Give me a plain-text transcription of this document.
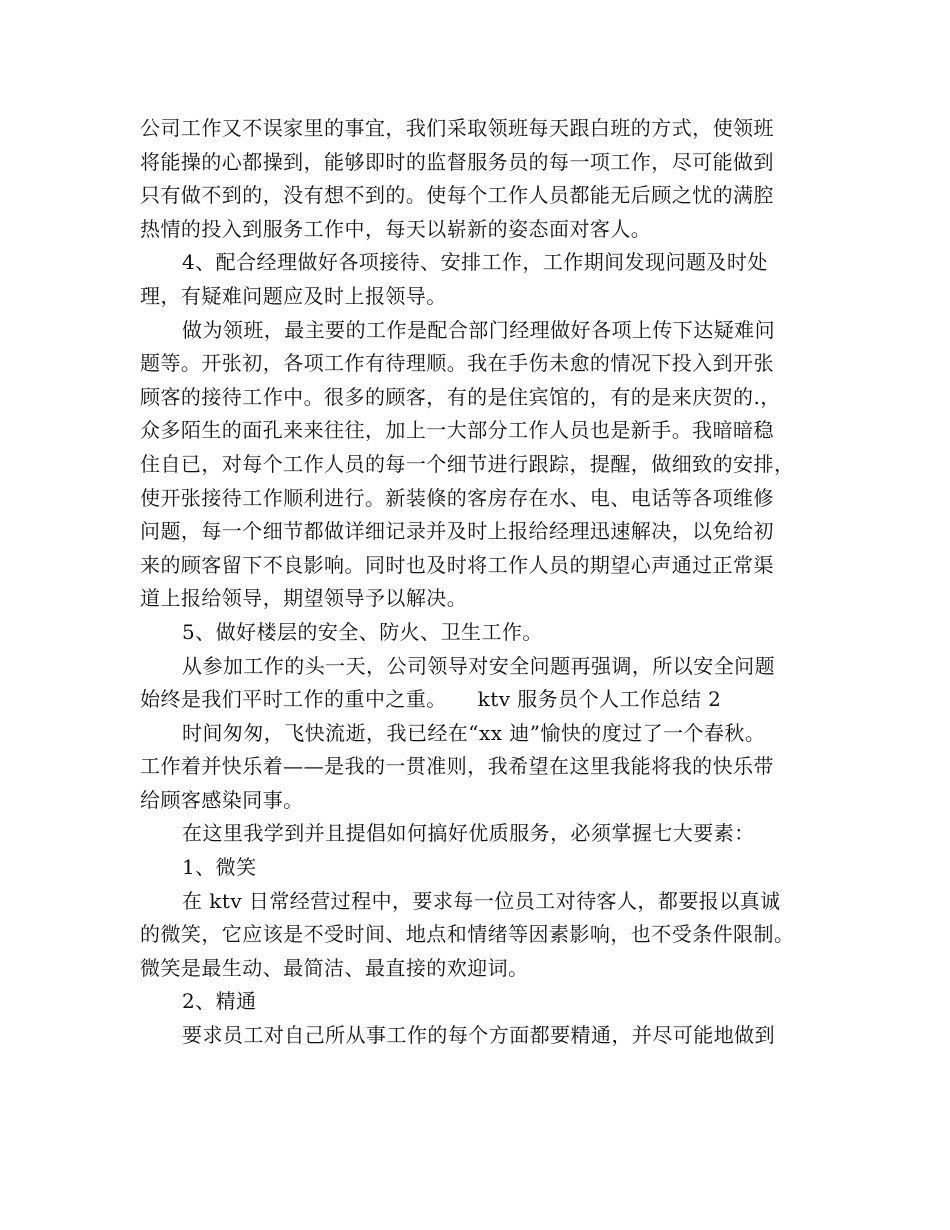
公司工作又不误家里的事宜，我们采取领班每天跟白班的方式，使领班
将能操的心都操到，能够即时的监督服务员的每一项工作，尽可能做到
只有做不到的，没有想不到的。使每个工作人员都能无后顾之忧的满腔
热情的投入到服务工作中，每天以崭新的姿态面对客人。
4、配合经理做好各项接待、安排工作，工作期间发现问题及时处
理，有疑难问题应及时上报领导。
做为领班，最主要的工作是配合部门经理做好各项上传下达疑难问
题等。开张初，各项工作有待理顺。我在手伤未愈的情况下投入到开张
顾客的接待工作中。很多的顾客，有的是住宾馆的，有的是来庆贺的.，
众多陌生的面孔来来往往，加上一大部分工作人员也是新手。我暗暗稳
住自已，对每个工作人员的每一个细节进行跟踪，提醒，做细致的安排，
使开张接待工作顺利进行。新装倏的客房存在水、电、电话等各项维修
问题，每一个细节都做详细记录并及时上报给经理迅速解决，以免给初
来的顾客留下不良影响。同时也及时将工作人员的期望心声通过正常渠
道上报给领导，期望领导予以解决。
5、做好楼层的安全、防火、卫生工作。
从参加工作的头一天，公司领导对安全问题再强调，所以安全问题
始终是我们平时工作的重中之重。　　ktv 服务员个人工作总结 2
时间匆匆，飞快流逝，我已经在“xx 迪”愉快的度过了一个春秋。
工作着并快乐着——是我的一贯准则，我希望在这里我能将我的快乐带
给顾客感染同事。
在这里我学到并且提倡如何搞好优质服务，必须掌握七大要素：
1、微笑
在 ktv 日常经营过程中，要求每一位员工对待客人，都要报以真诚
的微笑，它应该是不受时间、地点和情绪等因素影响，也不受条件限制。
微笑是最生动、最简洁、最直接的欢迎词。
2、精通
要求员工对自己所从事工作的每个方面都要精通，并尽可能地做到
